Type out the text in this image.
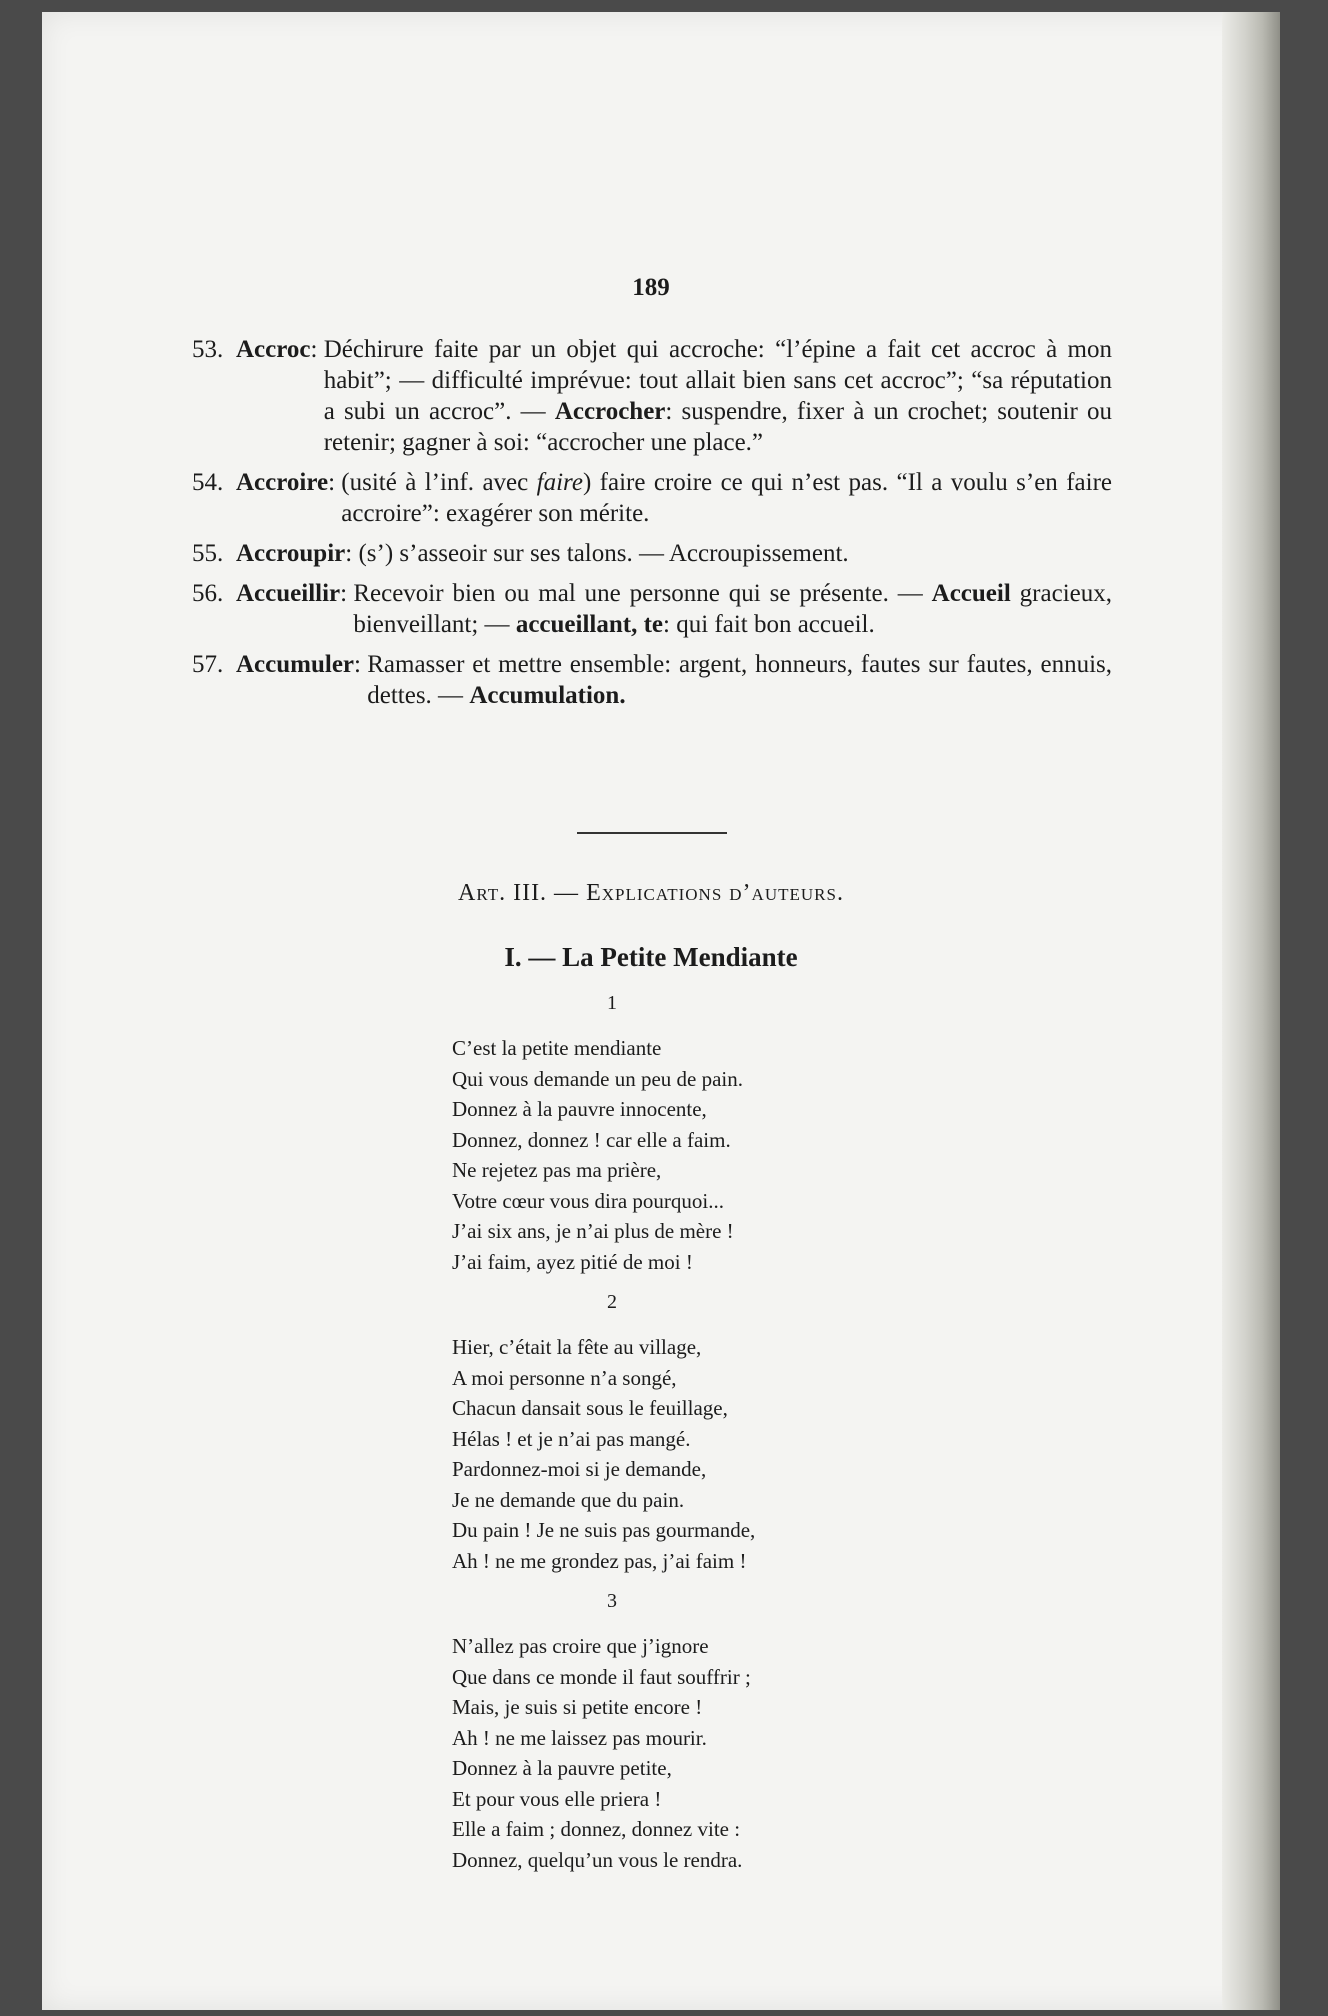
189
53. Accroc : Déchirure faite par un objet qui accroche: “l’épine a fait cet accroc à mon habit”; — difficulté imprévue: tout allait bien sans cet accroc”; “sa réputation a subi un accroc”. — Accrocher: suspendre, fixer à un crochet; soutenir ou retenir; gagner à soi: “accrocher une place.”
54. Accroire : (usité à l’inf. avec faire) faire croire ce qui n’est pas. “Il a voulu s’en faire accroire”: exagérer son mérite.
55. Accroupir : (s’) s’asseoir sur ses talons. — Accroupissement.
56. Accueillir : Recevoir bien ou mal une personne qui se présente. — Accueil gracieux, bienveillant; — accueillant, te: qui fait bon accueil.
57. Accumuler : Ramasser et mettre ensemble: argent, honneurs, fautes sur fautes, ennuis, dettes. — Accumulation.
Art. III. — Explications d’auteurs.
I. — La Petite Mendiante
1
C’est la petite mendiante
Qui vous demande un peu de pain.
Donnez à la pauvre innocente,
Donnez, donnez ! car elle a faim.
Ne rejetez pas ma prière,
Votre cœur vous dira pourquoi...
J’ai six ans, je n’ai plus de mère !
J’ai faim, ayez pitié de moi !
2
Hier, c’était la fête au village,
A moi personne n’a songé,
Chacun dansait sous le feuillage,
Hélas ! et je n’ai pas mangé.
Pardonnez-moi si je demande,
Je ne demande que du pain.
Du pain ! Je ne suis pas gourmande,
Ah ! ne me grondez pas, j’ai faim !
3
N’allez pas croire que j’ignore
Que dans ce monde il faut souffrir ;
Mais, je suis si petite encore !
Ah ! ne me laissez pas mourir.
Donnez à la pauvre petite,
Et pour vous elle priera !
Elle a faim ; donnez, donnez vite :
Donnez, quelqu’un vous le rendra.
